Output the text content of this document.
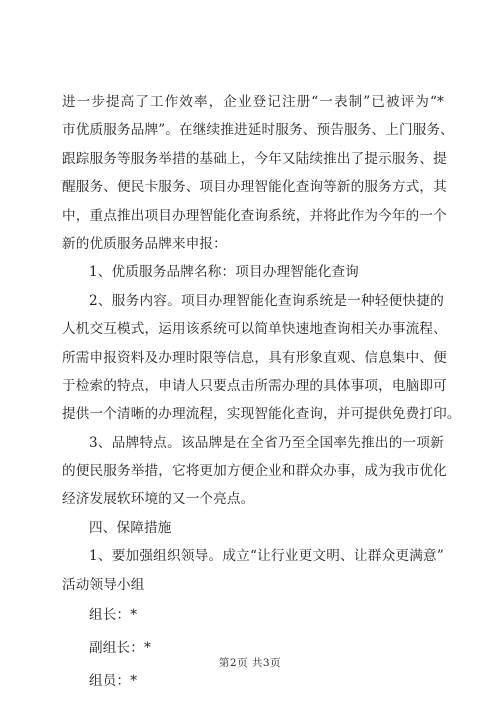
进一步提高了工作效率，企业登记注册“一表制”已被评为“*
市优质服务品牌”。在继续推进延时服务、预告服务、上门服务、
跟踪服务等服务举措的基础上，今年又陆续推出了提示服务、提
醒服务、便民卡服务、项目办理智能化查询等新的服务方式，其
中，重点推出项目办理智能化查询系统，并将此作为今年的一个
新的优质服务品牌来申报：
1、优质服务品牌名称：项目办理智能化查询
2、服务内容。项目办理智能化查询系统是一种轻便快捷的
人机交互模式，运用该系统可以简单快速地查询相关办事流程、
所需申报资料及办理时限等信息，具有形象直观、信息集中、便
于检索的特点，申请人只要点击所需办理的具体事项，电脑即可
提供一个清晰的办理流程，实现智能化查询，并可提供免费打印。
3、品牌特点。该品牌是在全省乃至全国率先推出的一项新
的便民服务举措，它将更加方便企业和群众办事，成为我市优化
经济发展软环境的又一个亮点。
四、保障措施
1、要加强组织领导。成立“让行业更文明、让群众更满意”
活动领导小组
组长：*
副组长：*
组员：*
第2页 共3页
